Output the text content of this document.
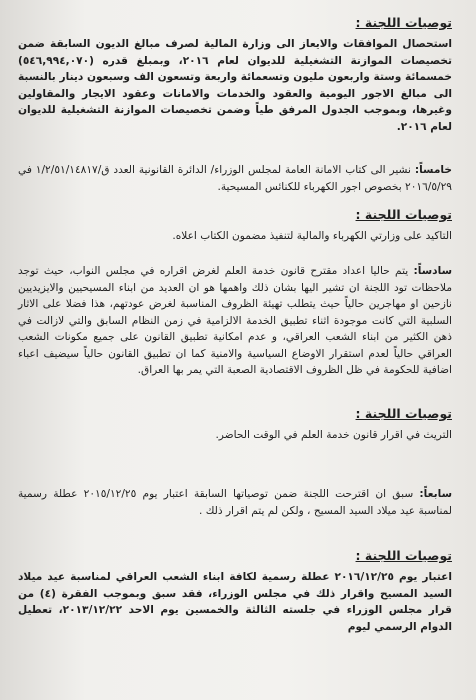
توصيات اللجنة :

استحصال الموافقات والايعاز الى وزارة المالية لصرف مبالغ الديون السابقة ضمن تخصيصات الموازنة التشغيلية للديوان لعام ٢٠١٦، وبمبلغ قدره (٥٤٦,٩٩٤,٠٧٠) خمسمائة وستة واربعون مليون وتسعمائة واربعة وتسعون الف وسبعون دينار بالنسبة الى مبالغ الاجور اليومية والعقود والخدمات والامانات وعقود الايجار والمقاولين وغيرها، وبموجب الجدول المرفق طياً وضمن تخصيصات الموازنة التشغيلية للديوان لعام ٢٠١٦.

خامساً: نشير الى كتاب الامانة العامة لمجلس الوزراء/ الدائرة القانونية العدد ق/١/٢/٥١/١٤٨١٧ في ٢٠١٦/٥/٢٩ بخصوص اجور الكهرباء للكنائس المسيحية.

توصيات اللجنة :

التاكيد على وزارتي الكهرباء والمالية لتنفيذ مضمون الكتاب اعلاه.

سادساً: يتم حاليا اعداد مقترح قانون خدمة العلم لغرض اقراره في مجلس النواب، حيث توجد ملاحظات تود اللجنة ان تشير اليها بشان ذلك واهمها هو ان العديد من ابناء المسيحيين والايزيديين نازحين او مهاجرين حالياً حيث يتطلب تهيئة الظروف المناسبة لغرض عودتهم، هذا فضلا على الاثار السلبية التي كانت موجودة اثناء تطبيق الخدمة الالزامية في زمن النظام السابق والتي لازالت في ذهن الكثير من ابناء الشعب العراقي، و عدم امكانية تطبيق القانون على جميع مكونات الشعب العراقي حالياً لعدم استقرار الاوضاع السياسية والامنية كما ان تطبيق القانون حالياً سيضيف اعباء اضافية للحكومة في ظل الظروف الاقتصادية الصعبة التي يمر بها العراق.

توصيات اللجنة :

التريث في اقرار قانون خدمة العلم في الوقت الحاضر.

سابعاً: سبق ان اقترحت اللجنة ضمن توصياتها السابقة اعتبار يوم ٢٠١٥/١٢/٢٥ عطلة رسمية لمناسبة عيد ميلاد السيد المسيح ، ولكن لم يتم اقرار ذلك .

توصيات اللجنة :

اعتبار يوم ٢٠١٦/١٢/٢٥ عطلة رسمية لكافة ابناء الشعب العراقي لمناسبة عيد ميلاد السيد المسيح واقرار ذلك في مجلس الوزراء، فقد سبق وبموجب الفقرة (٤) من قرار مجلس الوزراء في جلسته الثالثة والخمسين يوم الاحد ٢٠١٣/١٢/٢٢، تعطيل الدوام الرسمي ليوم
